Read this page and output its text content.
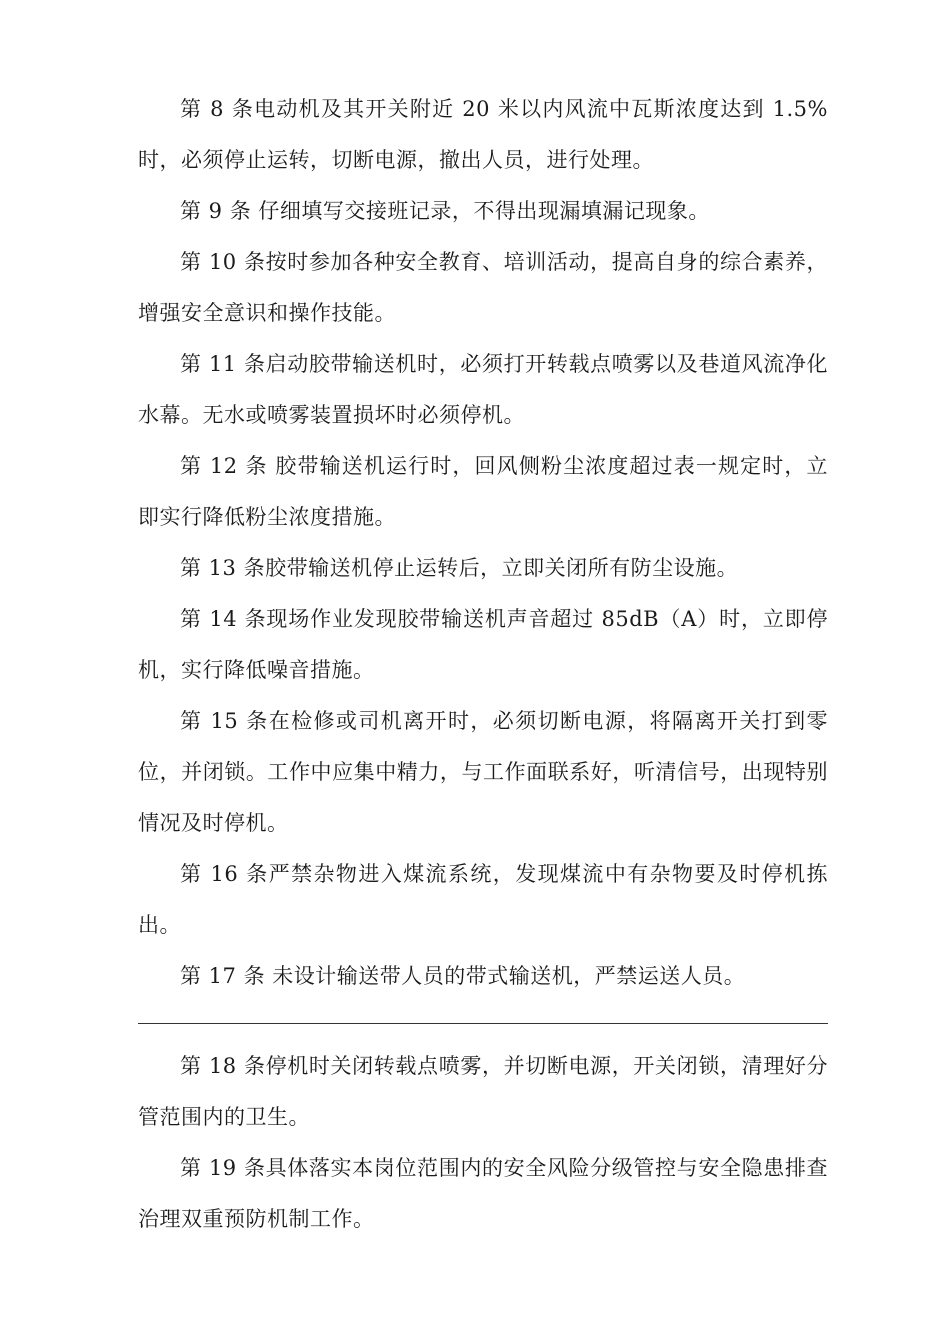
第 8 条电动机及其开关附近 20 米以内风流中瓦斯浓度达到 1.5%时，必须停止运转，切断电源，撤出人员，进行处理。

第 9 条 仔细填写交接班记录，不得出现漏填漏记现象。

第 10 条按时参加各种安全教育、培训活动，提高自身的综合素养，增强安全意识和操作技能。

第 11 条启动胶带输送机时，必须打开转载点喷雾以及巷道风流净化水幕。无水或喷雾装置损坏时必须停机。

第 12 条 胶带输送机运行时，回风侧粉尘浓度超过表一规定时，立即实行降低粉尘浓度措施。

第 13 条胶带输送机停止运转后，立即关闭所有防尘设施。

第 14 条现场作业发现胶带输送机声音超过 85dB（A）时，立即停机，实行降低噪音措施。

第 15 条在检修或司机离开时，必须切断电源，将隔离开关打到零位，并闭锁。工作中应集中精力，与工作面联系好，听清信号，出现特别情况及时停机。

第 16 条严禁杂物进入煤流系统，发现煤流中有杂物要及时停机拣出。

第 17 条 未设计输送带人员的带式输送机，严禁运送人员。

第 18 条停机时关闭转载点喷雾，并切断电源，开关闭锁，清理好分管范围内的卫生。

第 19 条具体落实本岗位范围内的安全风险分级管控与安全隐患排查治理双重预防机制工作。
